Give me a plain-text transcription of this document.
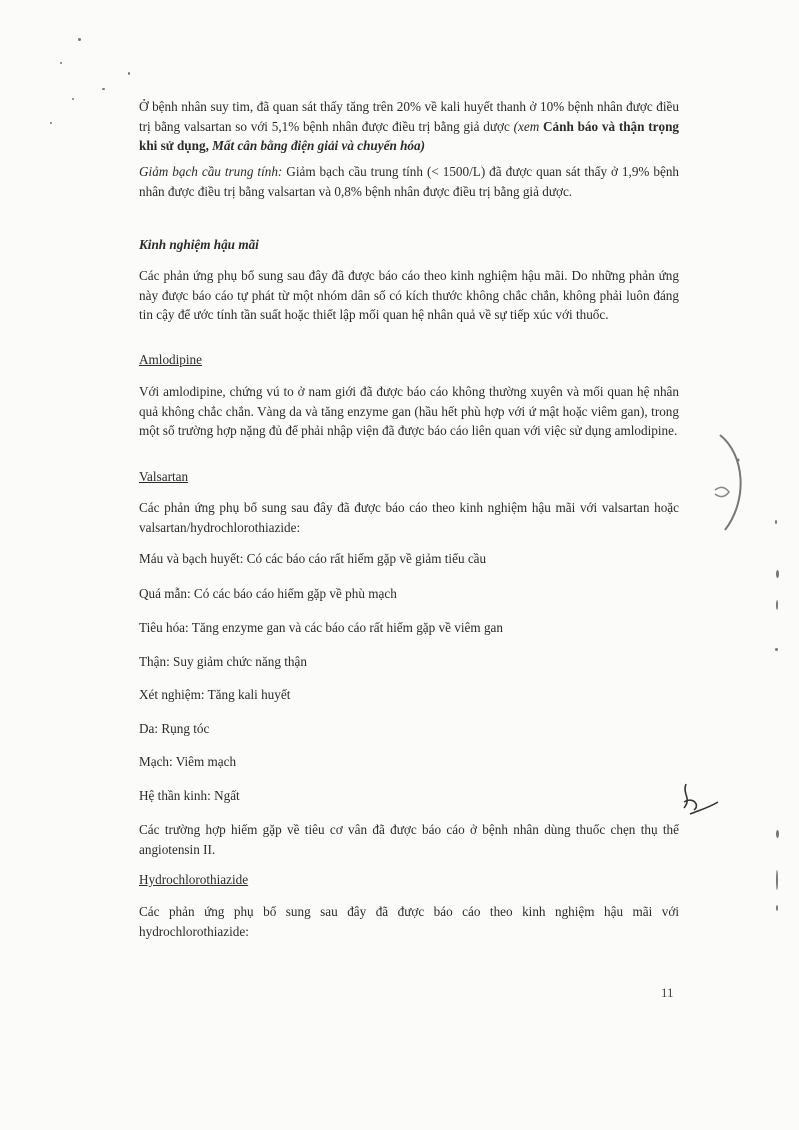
Ở bệnh nhân suy tim, đã quan sát thấy tăng trên 20% về kali huyết thanh ở 10% bệnh nhân được điều trị bằng valsartan so với 5,1% bệnh nhân được điều trị bằng giả dược (xem Cảnh báo và thận trọng khi sử dụng, Mất cân bằng điện giải và chuyển hóa)
Giảm bạch cầu trung tính: Giảm bạch cầu trung tính (< 1500/L) đã được quan sát thấy ở 1,9% bệnh nhân được điều trị bằng valsartan và 0,8% bệnh nhân được điều trị bằng giả dược.
Kinh nghiệm hậu mãi
Các phản ứng phụ bổ sung sau đây đã được báo cáo theo kinh nghiệm hậu mãi. Do những phản ứng này được báo cáo tự phát từ một nhóm dân số có kích thước không chắc chắn, không phải luôn đáng tin cậy để ước tính tần suất hoặc thiết lập mối quan hệ nhân quả về sự tiếp xúc với thuốc.
Amlodipine
Với amlodipine, chứng vú to ở nam giới đã được báo cáo không thường xuyên và mối quan hệ nhân quả không chắc chắn. Vàng da và tăng enzyme gan (hầu hết phù hợp với ứ mật hoặc viêm gan), trong một số trường hợp nặng đủ để phải nhập viện đã được báo cáo liên quan với việc sử dụng amlodipine.
Valsartan
Các phản ứng phụ bổ sung sau đây đã được báo cáo theo kinh nghiệm hậu mãi với valsartan hoặc valsartan/hydrochlorothiazide:
Máu và bạch huyết: Có các báo cáo rất hiếm gặp về giảm tiểu cầu
Quá mẫn: Có các báo cáo hiếm gặp về phù mạch
Tiêu hóa: Tăng enzyme gan và các báo cáo rất hiếm gặp về viêm gan
Thận: Suy giảm chức năng thận
Xét nghiệm: Tăng kali huyết
Da: Rụng tóc
Mạch: Viêm mạch
Hệ thần kinh: Ngất
Các trường hợp hiếm gặp về tiêu cơ vân đã được báo cáo ở bệnh nhân dùng thuốc chẹn thụ thể angiotensin II.
Hydrochlorothiazide
Các phản ứng phụ bổ sung sau đây đã được báo cáo theo kinh nghiệm hậu mãi với hydrochlorothiazide:
11
